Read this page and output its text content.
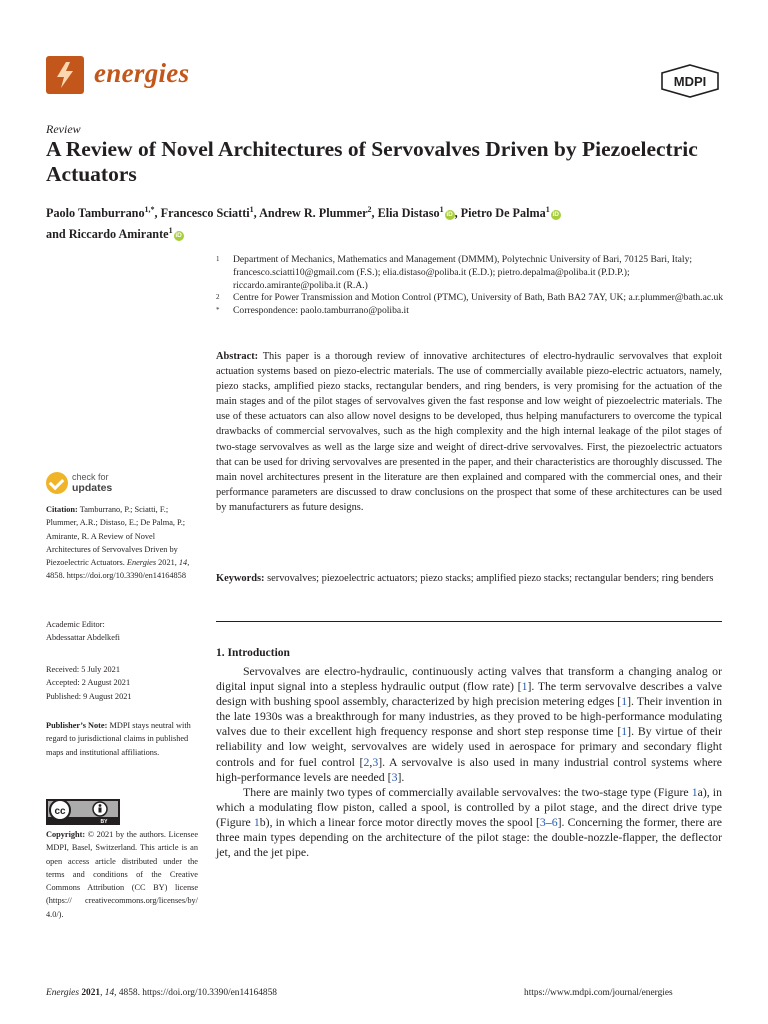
energies	MDPI
Review
A Review of Novel Architectures of Servovalves Driven by Piezoelectric Actuators
Paolo Tamburrano$^{1,*}$, Francesco Sciatti$^1$, Andrew R. Plummer$^2$, Elia Distaso$^1$iD , Pietro De Palma$^1$iD
and Riccardo Amirante$^1$iD
1 Department of Mechanics, Mathematics and Management (DMMM), Polytechnic University of Bari, 70125 Bari, Italy; francesco.sciatti10@gmail.com (F.S.); elia.distaso@poliba.it (E.D.); pietro.depalma@poliba.it (P.D.P.); riccardo.amirante@poliba.it (R.A.)
2 Centre for Power Transmission and Motion Control (PTMC), University of Bath, Bath BA2 7AY, UK; a.r.plummer@bath.ac.uk
* Correspondence: paolo.tamburrano@poliba.it
Abstract: This paper is a thorough review of innovative architectures of electro-hydraulic servovalves that exploit actuation systems based on piezo-electric materials. The use of commercially available piezo-electric actuators, namely, piezo stacks, amplified piezo stacks, rectangular benders, and ring benders, is very promising for the actuation of the main stages and of the pilot stages of servovalves given the fast response and low weight of piezoelectric materials. The use of these actuators can also allow novel designs to be developed, thus helping manufacturers to overcome the typical drawbacks of commercial servovalves, such as the high complexity and the high internal leakage of the pilot stages of two-stage servovalves as well as the large size and weight of direct-drive servovalves. First, the piezoelectric actuators that can be used for driving servovalves are presented in the paper, and their characteristics are thoroughly discussed. The main novel architectures present in the literature are then explained and compared with the commercial ones, and their performance parameters are discussed to draw conclusions on the prospect that some of these architectures can be used by manufacturers as future designs.
Keywords: servovalves; piezoelectric actuators; piezo stacks; amplified piezo stacks; rectangular benders; ring benders
1. Introduction

Servovalves are electro-hydraulic, continuously acting valves that transform a changing analog or digital input signal into a stepless hydraulic output (flow rate) [1]. The term servovalve describes a valve design with bushing spool assembly, characterized by high precision metering edges [1]. Their invention in the late 1930s was a breakthrough for many industries, as they proved to be high-performance modulating valves due to their excellent high frequency response and short step response time [1]. By virtue of their reliability and low weight, servovalves are widely used in aerospace for primary and secondary flight controls and for fuel control [2,3]. A servovalve is also used in many industrial control systems where high-performance levels are needed [3].

There are mainly two types of commercially available servovalves: the two-stage type (Figure 1a), in which a modulating flow piston, called a spool, is controlled by a pilot stage, and the direct drive type (Figure 1b), in which a linear force motor directly moves the spool [3–6]. Concerning the former, there are three main types depending on the architecture of the pilot stage: the double-nozzle-flapper, the deflector jet, and the jet pipe.

check for
updates
Citation: Tamburrano, P.; Sciatti, F.; Plummer, A.R.; Distaso, E.; De Palma, P.; Amirante, R. A Review of Novel Architectures of Servovalves Driven by Piezoelectric Actuators. Energies 2021, 14, 4858. https://doi.org/10.3390/en14164858
Academic Editor:
Abdessattar Abdelkefi
Received: 5 July 2021
Accepted: 2 August 2021
Published: 9 August 2021
Publisher’s Note: MDPI stays neutral with regard to jurisdictional claims in published maps and institutional affiliations.
cc
BY
Copyright: © 2021 by the authors. Licensee MDPI, Basel, Switzerland. This article is an open access article distributed under the terms and conditions of the Creative Commons Attribution (CC BY) license (https:// creativecommons.org/licenses/by/ 4.0/).
Energies 2021, 14, 4858. https://doi.org/10.3390/en14164858	https://www.mdpi.com/journal/energies
